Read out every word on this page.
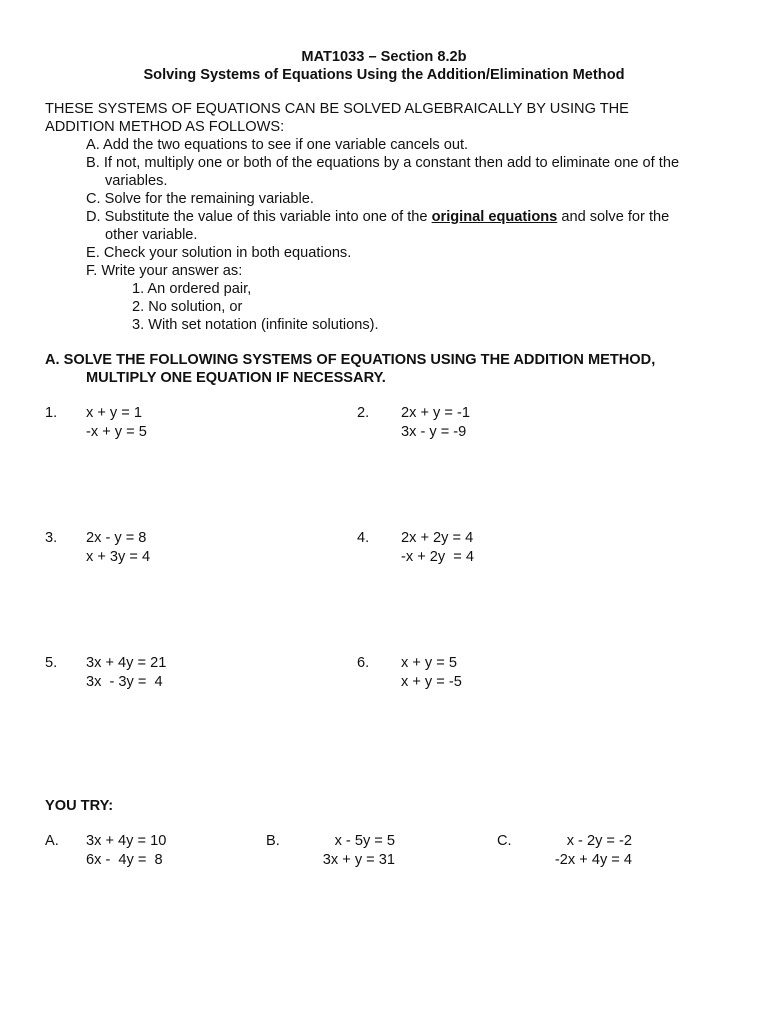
MAT1033 – Section 8.2b
Solving Systems of Equations Using the Addition/Elimination Method
THESE SYSTEMS OF EQUATIONS CAN BE SOLVED ALGEBRAICALLY BY USING THE
ADDITION METHOD AS FOLLOWS:
A. Add the two equations to see if one variable cancels out.
B. If not, multiply one or both of the equations by a constant then add to eliminate one of the
variables.
C. Solve for the remaining variable.
D. Substitute the value of this variable into one of the original equations and solve for the
other variable.
E. Check your solution in both equations.
F. Write your answer as:
1. An ordered pair,
2. No solution, or
3. With set notation (infinite solutions).
A. SOLVE THE FOLLOWING SYSTEMS OF EQUATIONS USING THE ADDITION METHOD,
MULTIPLY ONE EQUATION IF NECESSARY.
1. x + y = 1
-x + y = 5
2. 2x + y = -1
3x - y = -9
3. 2x - y = 8
x + 3y = 4
4. 2x + 2y = 4
-x + 2y  = 4
5. 3x + 4y = 21
3x  - 3y =  4
6. x + y = 5
x + y = -5
YOU TRY:
A. 3x + 4y = 10
6x -  4y =  8
B.	x - 5y = 5
3x + y = 31
C.	x - 2y = -2
-2x + 4y = 4
